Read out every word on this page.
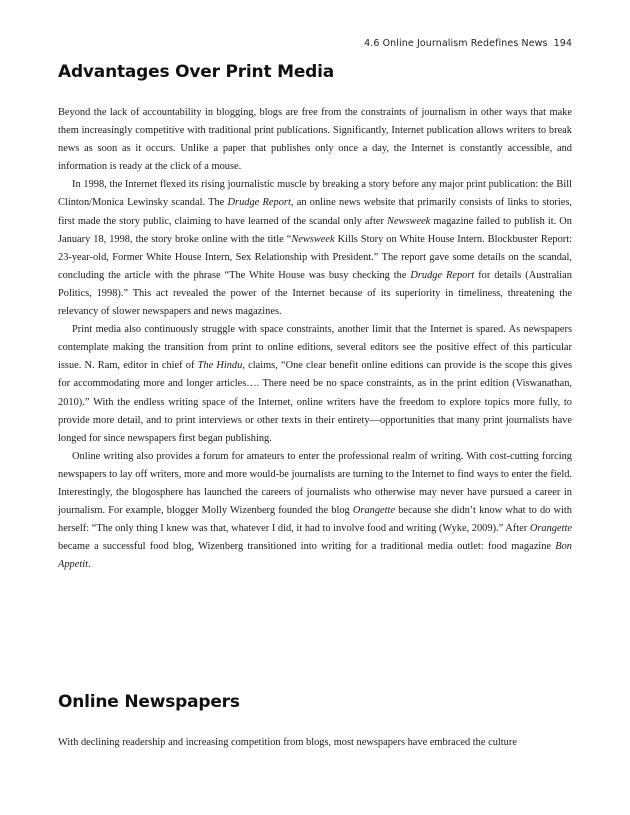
4.6 Online Journalism Redefines News 194
Advantages Over Print Media

Beyond the lack of accountability in blogging, blogs are free from the constraints of journalism in other ways that make them increasingly competitive with traditional print publications. Significantly, Internet publication allows writers to break news as soon as it occurs. Unlike a paper that publishes only once a day, the Internet is constantly accessible, and information is ready at the click of a mouse.

In 1998, the Internet flexed its rising journalistic muscle by breaking a story before any major print publication: the Bill Clinton/Monica Lewinsky scandal. The Drudge Report, an online news website that primarily consists of links to stories, first made the story public, claiming to have learned of the scandal only after Newsweek magazine failed to publish it. On January 18, 1998, the story broke online with the title “Newsweek Kills Story on White House Intern. Blockbuster Report: 23-year-old, Former White House Intern, Sex Relationship with President.” The report gave some details on the scandal, concluding the article with the phrase “The White House was busy checking the Drudge Report for details (Australian Politics, 1998).” This act revealed the power of the Internet because of its superiority in timeliness, threatening the relevancy of slower newspapers and news magazines.

Print media also continuously struggle with space constraints, another limit that the Internet is spared. As newspapers contemplate making the transition from print to online editions, several editors see the positive effect of this particular issue. N. Ram, editor in chief of The Hindu, claims, “One clear benefit online editions can provide is the scope this gives for accommodating more and longer articles…. There need be no space constraints, as in the print edition (Viswanathan, 2010).” With the endless writing space of the Internet, online writers have the freedom to explore topics more fully, to provide more detail, and to print interviews or other texts in their entirety—opportunities that many print journalists have longed for since newspapers first began publishing.

Online writing also provides a forum for amateurs to enter the professional realm of writing. With cost-cutting forcing newspapers to lay off writers, more and more would-be journalists are turning to the Internet to find ways to enter the field. Interestingly, the blogosphere has launched the careers of journalists who otherwise may never have pursued a career in journalism. For example, blogger Molly Wizenberg founded the blog Orangette because she didn’t know what to do with herself: “The only thing I knew was that, whatever I did, it had to involve food and writing (Wyke, 2009).” After Orangette became a successful food blog, Wizenberg transitioned into writing for a traditional media outlet: food magazine Bon Appetit.

Online Newspapers

With declining readership and increasing competition from blogs, most newspapers have embraced the culture
